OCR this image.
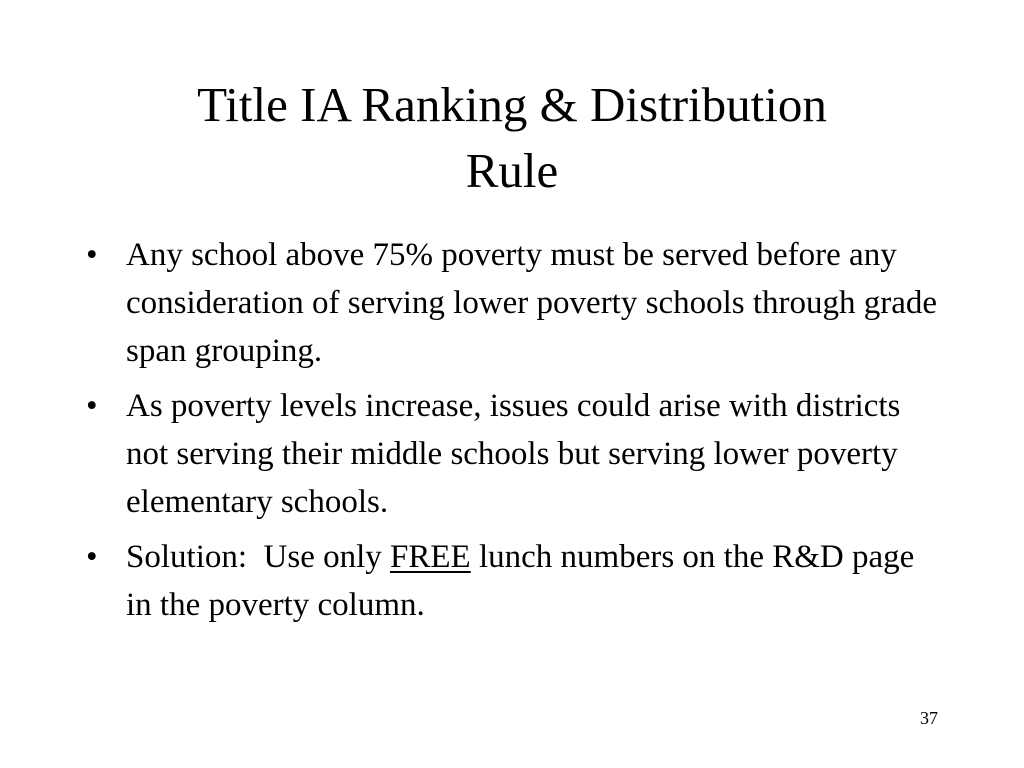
Title IA Ranking & Distribution
Rule
• Any school above 75% poverty must be served before any consideration of serving lower poverty schools through grade span grouping.
• As poverty levels increase, issues could arise with districts not serving their middle schools but serving lower poverty elementary schools.
• Solution:  Use only FREE lunch numbers on the R&D page in the poverty column.
37
